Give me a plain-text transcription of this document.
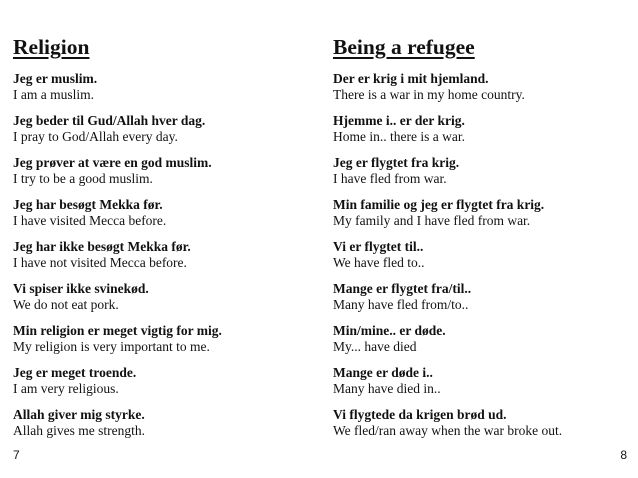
Religion
Jeg er muslim.
I am a muslim.
Jeg beder til Gud/Allah hver dag.
I pray to God/Allah every day.
Jeg prøver at være en god muslim.
I try to be a good muslim.
Jeg har besøgt Mekka før.
I have visited Mecca before.
Jeg har ikke besøgt Mekka før.
I have not visited Mecca before.
Vi spiser ikke svinekød.
We do not eat pork.
Min religion er meget vigtig for mig.
My religion is very important to me.
Jeg er meget troende.
I am very religious.
Allah giver mig styrke.
Allah gives me strength.
Being a refugee
Der er krig i mit hjemland.
There is a war in my home country.
Hjemme i.. er der krig.
Home in.. there is a war.
Jeg er flygtet fra krig.
I have fled from war.
Min familie og jeg er flygtet fra krig.
My family and I have fled from war.
Vi er flygtet til..
We have fled to..
Mange er flygtet fra/til..
Many have fled from/to..
Min/mine.. er døde.
My... have died
Mange er døde i..
Many have died in..
Vi flygtede da krigen brød ud.
We fled/ran away when the war broke out.
7	8
